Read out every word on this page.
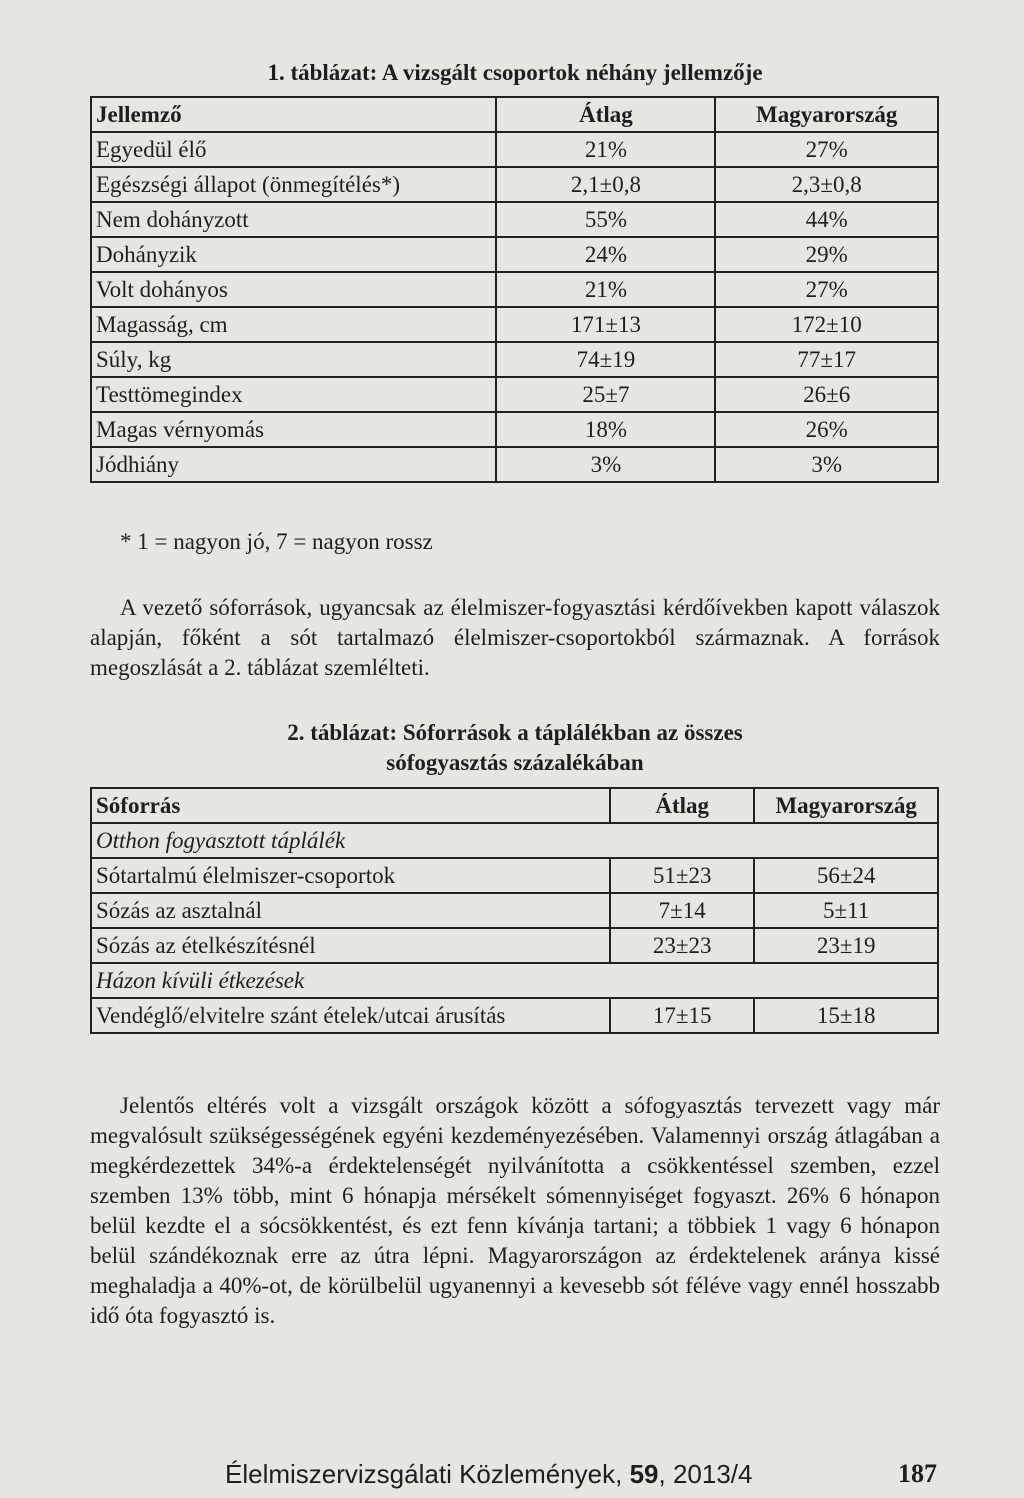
1. táblázat: A vizsgált csoportok néhány jellemzője
Jellemző	Átlag	Magyarország
Egyedül élő	21%	27%
Egészségi állapot (önmegítélés*)	2,1±0,8	2,3±0,8
Nem dohányzott	55%	44%
Dohányzik	24%	29%
Volt dohányos	21%	27%
Magasság, cm	171±13	172±10
Súly, kg	74±19	77±17
Testtömegindex	25±7	26±6
Magas vérnyomás	18%	26%
Jódhiány	3%	3%
* 1 = nagyon jó, 7 = nagyon rossz

A vezető sóforrások, ugyancsak az élelmiszer-fogyasztási kérdőívekben kapott válaszok alapján, főként a sót tartalmazó élelmiszer-csoportokból származnak. A források megoszlását a 2. táblázat szemlélteti.

2. táblázat: Sóforrások a táplálékban az összes
sófogyasztás százalékában
Sóforrás	Átlag	Magyarország
Otthon fogyasztott táplálék		
Sótartalmú élelmiszer-csoportok	51±23	56±24
Sózás az asztalnál	7±14	5±11
Sózás az ételkészítésnél	23±23	23±19
Házon kívüli étkezések		
Vendéglő/elvitelre szánt ételek/utcai árusítás	17±15	15±18

Jelentős eltérés volt a vizsgált országok között a sófogyasztás tervezett vagy már megvalósult szükségességének egyéni kezdeményezésében. Valamennyi ország átlagában a megkérdezettek 34%-a érdektelenségét nyilvánította a csökkentéssel szemben, ezzel szemben 13% több, mint 6 hónapja mérsékelt sómennyiséget fogyaszt. 26% 6 hónapon belül kezdte el a sócsökkentést, és ezt fenn kívánja tartani; a többiek 1 vagy 6 hónapon belül szándékoznak erre az útra lépni. Magyarországon az érdektelenek aránya kissé meghaladja a 40%-ot, de körülbelül ugyanennyi a kevesebb sót féléve vagy ennél hosszabb idő óta fogyasztó is.

Élelmiszervizsgálati Közlemények, 59, 2013/4	187
